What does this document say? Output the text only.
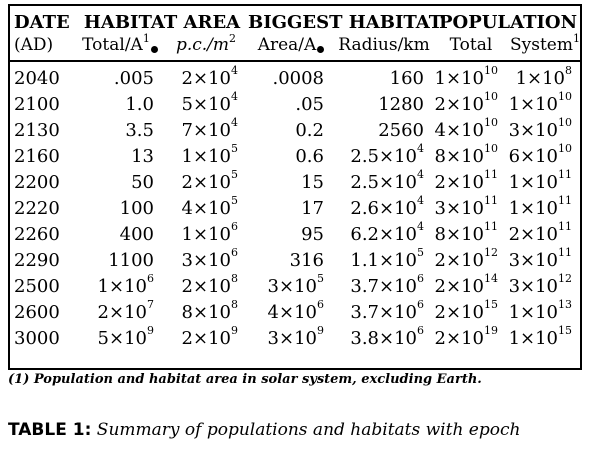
DATE	HABITAT AREA		BIGGEST HABITAT		POPULATION	
(AD)	Total/$A^1$	$p.c./m^2$	Area/A	Radius/km	Total	System$^1$
2040	.005	$2\times 10^4$	.0008	160	$1\times 10^{10}$	$1\times 10^8$
2100	1.0	$5\times 10^4$	.05	1280	$2\times 10^{10}$	$1\times 10^{10}$
2130	3.5	$7\times 10^4$	0.2	2560	$4\times 10^{10}$	$3\times 10^{10}$
2160	13	$1\times 10^5$	0.6	$2.5\times 10^4$	$8\times 10^{10}$	$6\times 10^{10}$
2200	50	$2\times 10^5$	15	$2.5\times 10^4$	$2\times 10^{11}$	$1\times 10^{11}$
2220	100	$4\times 10^5$	17	$2.6\times 10^4$	$3\times 10^{11}$	$1\times 10^{11}$
2260	400	$1\times 10^6$	95	$6.2\times 10^4$	$8\times 10^{11}$	$2\times 10^{11}$
2290	1100	$3\times 10^6$	316	$1.1\times 10^5$	$2\times 10^{12}$	$3\times 10^{11}$
2500	$1\times 10^6$	$2\times 10^8$	$3\times 10^5$	$3.7\times 10^6$	$2\times 10^{14}$	$3\times 10^{12}$
2600	$2\times 10^7$	$8\times 10^8$	$4\times 10^6$	$3.7\times 10^6$	$2\times 10^{15}$	$1\times 10^{13}$
3000	$5\times 10^9$	$2\times 10^9$	$3\times 10^9$	$3.8\times 10^6$	$2\times 10^{19}$	$1\times 10^{15}$
(1) Population and habitat area in solar system, excluding Earth.
TABLE 1: Summary of populations and habitats with epoch
